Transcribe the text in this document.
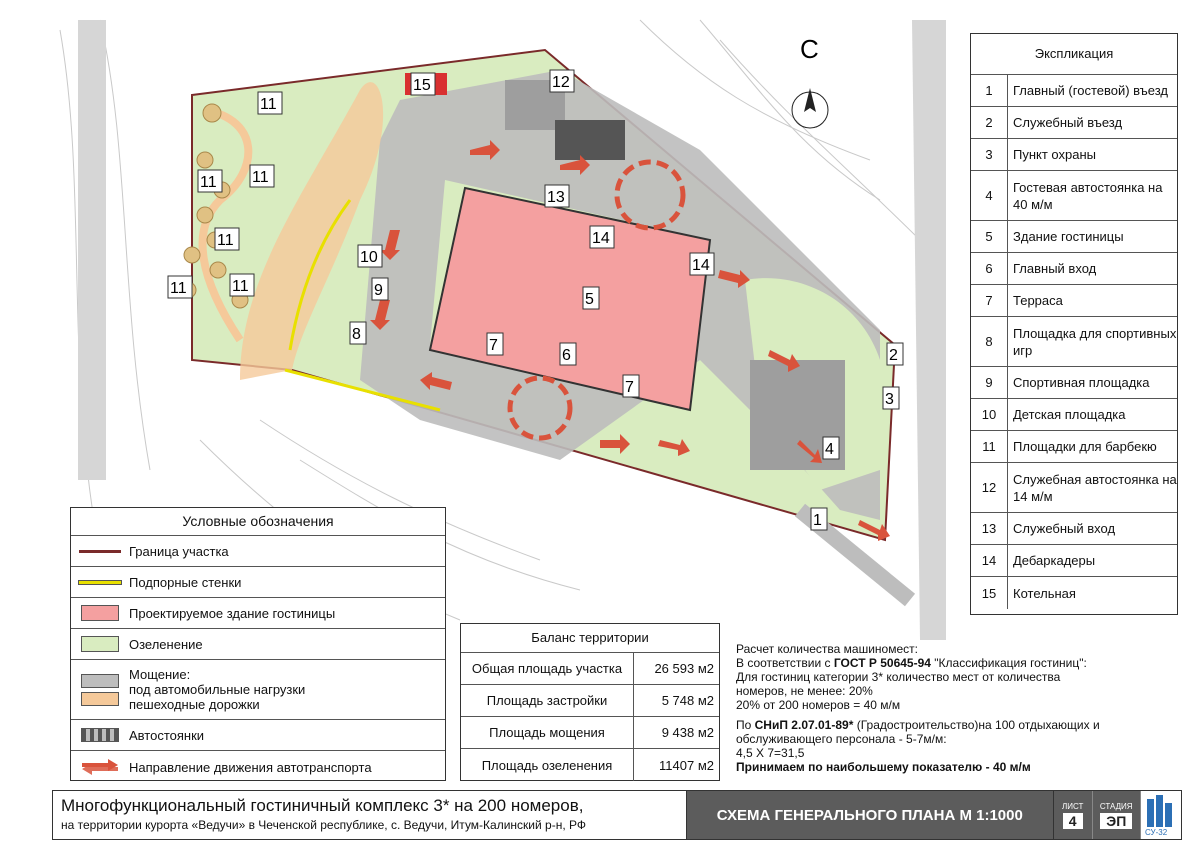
С
1
2
3
4
5
6
7
7
8
9
10
11
11 11
11
11	11
12
13
14
14
15
Экспликация
1	Главный (гостевой) въезд
2	Служебный въезд
3	Пункт охраны
4
Гостевая автостоянка на 40 м/м
5	Здание гостиницы
6	Главный вход
7	Терраса
8
Площадка для спортивных игр
9	Спортивная площадка
10	Детская площадка
11	Площадки для барбекю
12
Служебная автостоянка на 14 м/м
13	Служебный вход
14	Дебаркадеры
15	Котельная
Условные обозначения
Граница участка
Подпорные стенки
Проектируемое здание гостиницы
Озеленение
Мощение:
под автомобильные нагрузки
пешеходные дорожки
Автостоянки
Направление движения автотранспорта
Баланс территории
Общая площадь участка	26 593 м2
Площадь застройки	5 748 м2
Площадь мощения	9 438 м2
Площадь озеленения	11407 м2

Расчет количества машиномест:

В соответствии с ГОСТ Р 50645-94 "Классификация гостиниц":

Для гостиниц категории 3* количество мест от количества

номеров, не менее: 20%

20% от 200 номеров = 40 м/м

По СНиП 2.07.01-89* (Градостроительство)на 100 отдыхающих и

обслуживающего персонала - 5-7м/м:

4,5 Х 7=31,5

Принимаем по наибольшему показателю - 40 м/м

Многофункциональный гостиничный комплекс 3* на 200 номеров,
на территории курорта «Ведучи» в Чеченской республике, с. Ведучи, Итум-Калинский р-н, РФ
СХЕМА ГЕНЕРАЛЬНОГО ПЛАНА М 1:1000
ЛИСТ
4
СТАДИЯ
ЭП
СУ-32
